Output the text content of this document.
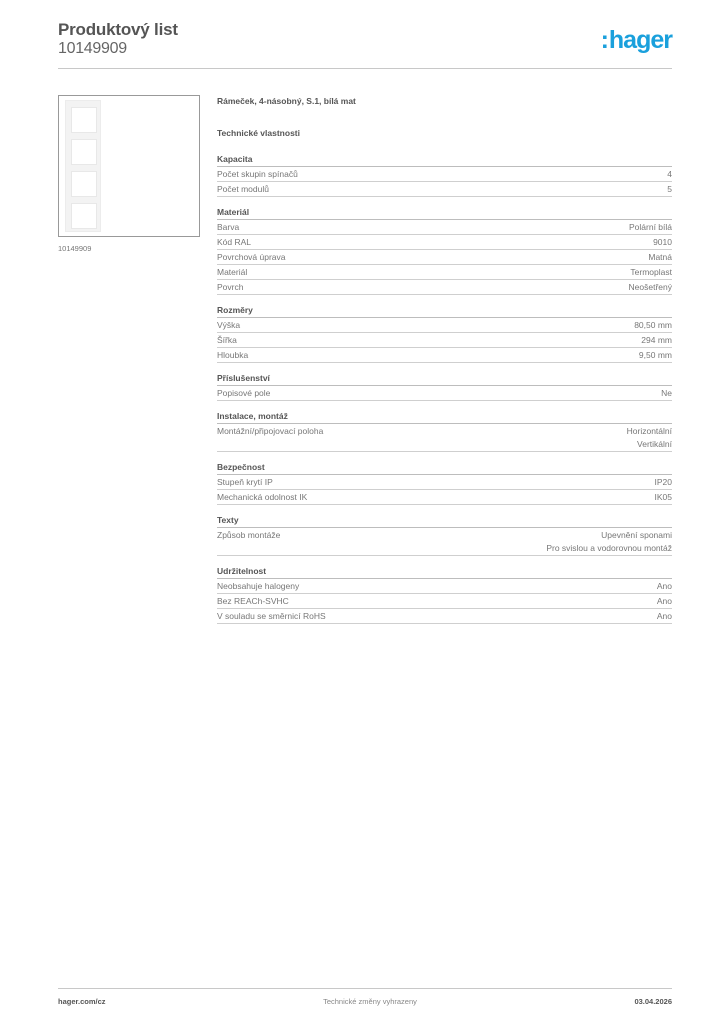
Produktový list
10149909	:hager
10149909
Rámeček, 4-násobný, S.1, bílá mat
Technické vlastnosti
Kapacita
Počet skupin spínačů	4
Počet modulů	5
Materiál
Barva	Polární bílá
Kód RAL	9010
Povrchová úprava	Matná
Materiál	Termoplast
Povrch	Neošetřený
Rozměry
Výška	80,50 mm
Šířka	294 mm
Hloubka	9,50 mm
Příslušenství
Popisové pole	Ne
Instalace, montáž
Montážní/připojovací poloha	Horizontální
Vertikální
Bezpečnost
Stupeň krytí IP	IP20
Mechanická odolnost IK	IK05
Texty
Způsob montáže	Upevnění sponami
Pro svislou a vodorovnou montáž
Udržitelnost
Neobsahuje halogeny	Ano
Bez REACh-SVHC	Ano
V souladu se směrnicí RoHS	Ano
hager.com/cz	Technické změny vyhrazeny	03.04.2026
